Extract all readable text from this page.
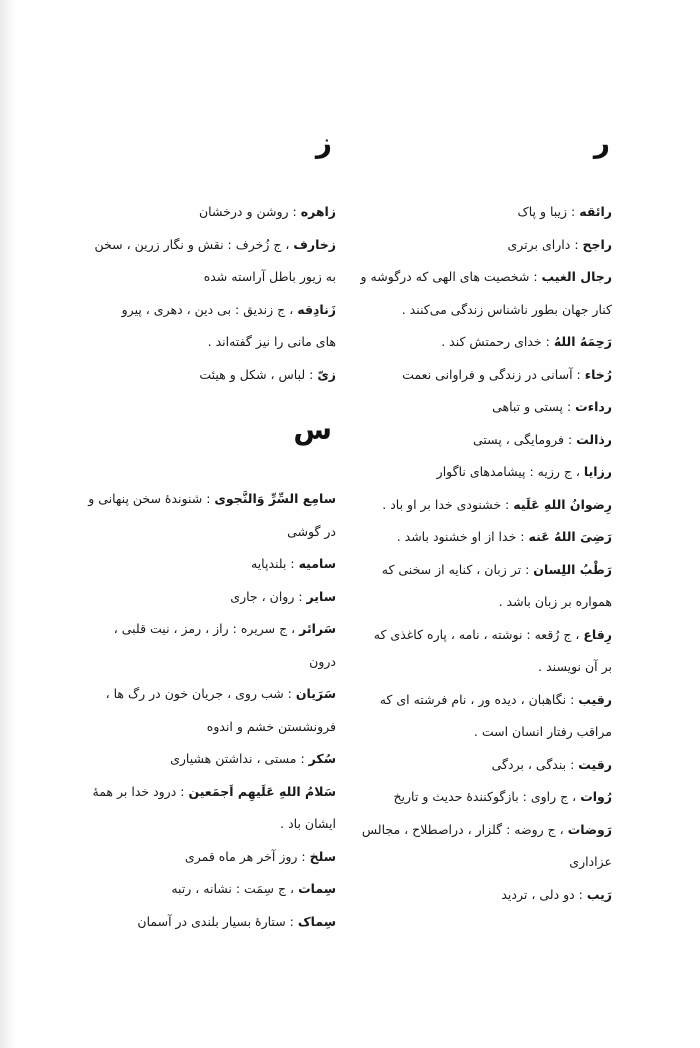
ر

رائقه : زیبا و پاک

راجح : دارای برتری

رجال الغیب : شخصیت های الهی که درگوشه و

کنار جهان بطور ناشناس زندگی می‌کنند .

رَحِمَهُ اللهُ : خدای رحمتش کند .

رُخاء : آسانی در زندگی و فراوانی نعمت

رداءت : پستی و تباهی

رذالت : فرومایگی ، پستی

رزایا ، ج رزیه : پیشامدهای ناگوار

رِضوانُ اللهِ عَلَیه : خشنودی خدا بر او باد .

رَضِیَ اللهُ عَنه : خدا از او خشنود باشد .

رَطْبُ اللِسان : تر زبان ، کنایه از سخنی که

همواره بر زبان باشد .

رِقاع ، ج رُقعه : نوشته ، نامه ، پاره کاغذی که

بر آن نویسند .

رقیب : نگاهبان ، دیده ور ، نام فرشته ای که

مراقب رفتار انسان است .

رقیت : بندگی ، بردگی

رُوات ، ج راوی : بازگوکنندهٔ حدیث و تاریخ

رَوضات ، ج روضه : گلزار ، دراصطلاح ، مجالس

عزاداری

رَیب : دو دلی ، تردید

ز

زاهره : روشن و درخشان

زخارف ، ج زُخرف : نقش و نگار زرین ، سخن

به زیور باطل آراسته شده

زَنادِقه ، ج زندیق : بی دین ، دهری ، پیرو

های مانی را نیز گفته‌اند .

زیّ : لباس ، شکل و هیئت

س

سامِع السِّرِّ وَالنَّجوی : شنوندهٔ سخن پنهانی و

در گوشی

سامیه : بلندپایه

سایر : روان ، جاری

سَرائر ، ج سریره : راز ، رمز ، نیت قلبی ،

درون

سَرَیان : شب روی ، جریان خون در رگ ها ،

فرونشستن خشم و اندوه

سُکر : مستی ، نداشتن هشیاری

سَلامُ اللهِ عَلَیهِم اَجمَعین : درود خدا بر همهٔ

ایشان باد .

سلخ : روز آخر هر ماه قمری

سِمات ، ج سِمَت : نشانه ، رتبه

سِماک : ستارهٔ بسیار بلندی در آسمان
